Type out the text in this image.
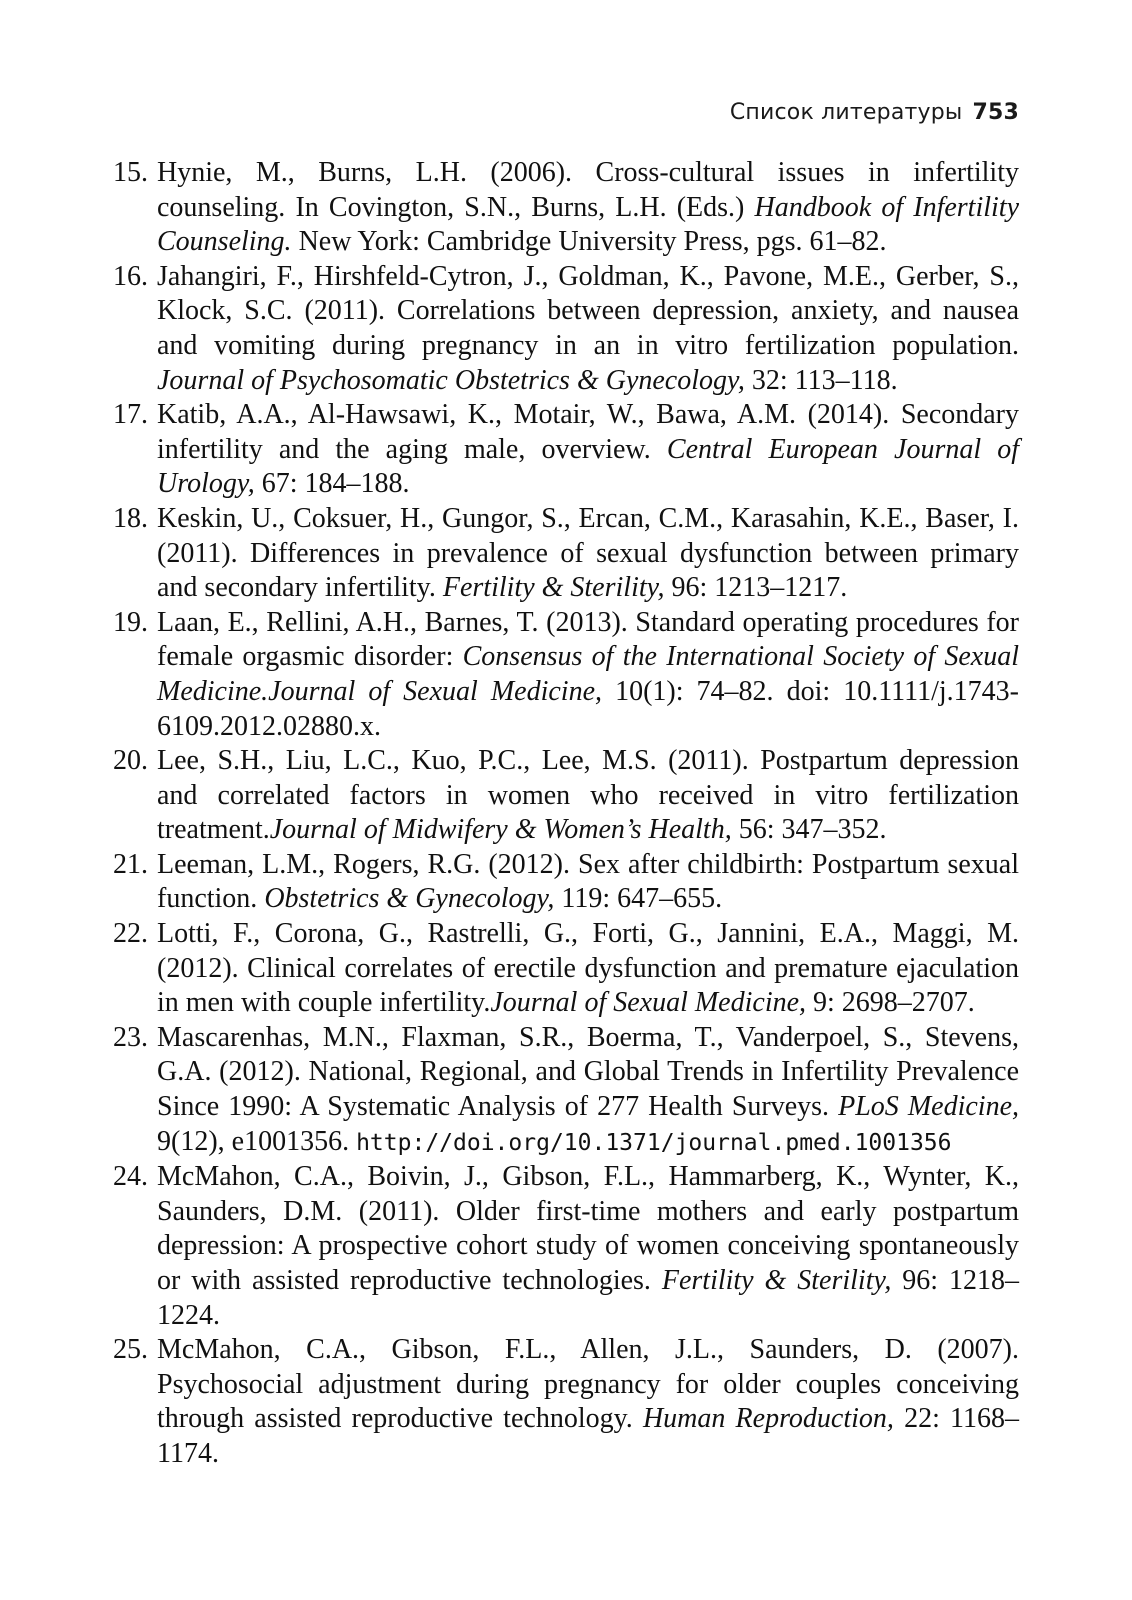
Список литературы 753
15. Hynie, M., Burns, L.H. (2006). Cross-cultural issues in infertility counseling. In Covington, S.N., Burns, L.H. (Eds.) Handbook of Infertility Counseling. New York: Cambridge University Press, pgs. 61–82.
16. Jahangiri, F., Hirshfeld-Cytron, J., Goldman, K., Pavone, M.E., Gerber, S., Klock, S.C. (2011). Correlations between depression, anxiety, and nausea and vomiting during pregnancy in an in vitro fertilization population. Journal of Psychosomatic Obstetrics & Gynecology, 32: 113–118.
17. Katib, A.A., Al-Hawsawi, K., Motair, W., Bawa, A.M. (2014). Secondary infertility and the aging male, overview. Central European Journal of Urology, 67: 184–188.
18. Keskin, U., Coksuer, H., Gungor, S., Ercan, C.M., Karasahin, K.E., Baser, I. (2011). Differences in prevalence of sexual dysfunction between primary and secondary infertility. Fertility & Sterility, 96: 1213–1217.
19. Laan, E., Rellini, A.H., Barnes, T. (2013). Standard operating procedures for female orgasmic disorder: Consensus of the International Society of Sexual Medicine.Journal of Sexual Medicine, 10(1): 74–82. doi: 10.1111/j.1743-6109.2012.02880.x.
20. Lee, S.H., Liu, L.C., Kuo, P.C., Lee, M.S. (2011). Postpartum depression and correlated factors in women who received in vitro fertilization treatment.Journal of Midwifery & Women’s Health, 56: 347–352.
21. Leeman, L.M., Rogers, R.G. (2012). Sex after childbirth: Postpartum sexual function. Obstetrics & Gynecology, 119: 647–655.
22. Lotti, F., Corona, G., Rastrelli, G., Forti, G., Jannini, E.A., Maggi, M. (2012). Clinical correlates of erectile dysfunction and premature ejaculation in men with couple infertility.Journal of Sexual Medicine, 9: 2698–2707.
23. Mascarenhas, M.N., Flaxman, S.R., Boerma, T., Vanderpoel, S., Stevens, G.A. (2012). National, Regional, and Global Trends in Infertility Prevalence Since 1990: A Systematic Analysis of 277 Health Surveys. PLoS Medicine, 9(12), e1001356. http://doi.org/10.1371/journal.pmed.1001356
24. McMahon, C.A., Boivin, J., Gibson, F.L., Hammarberg, K., Wynter, K., Saunders, D.M. (2011). Older first-time mothers and early postpartum depression: A prospective cohort study of women conceiving spontaneously or with assisted reproductive technologies. Fertility & Sterility, 96: 1218–1224.
25. McMahon, C.A., Gibson, F.L., Allen, J.L., Saunders, D. (2007). Psychosocial adjustment during pregnancy for older couples conceiving through assisted reproductive technology. Human Reproduction, 22: 1168–1174.
